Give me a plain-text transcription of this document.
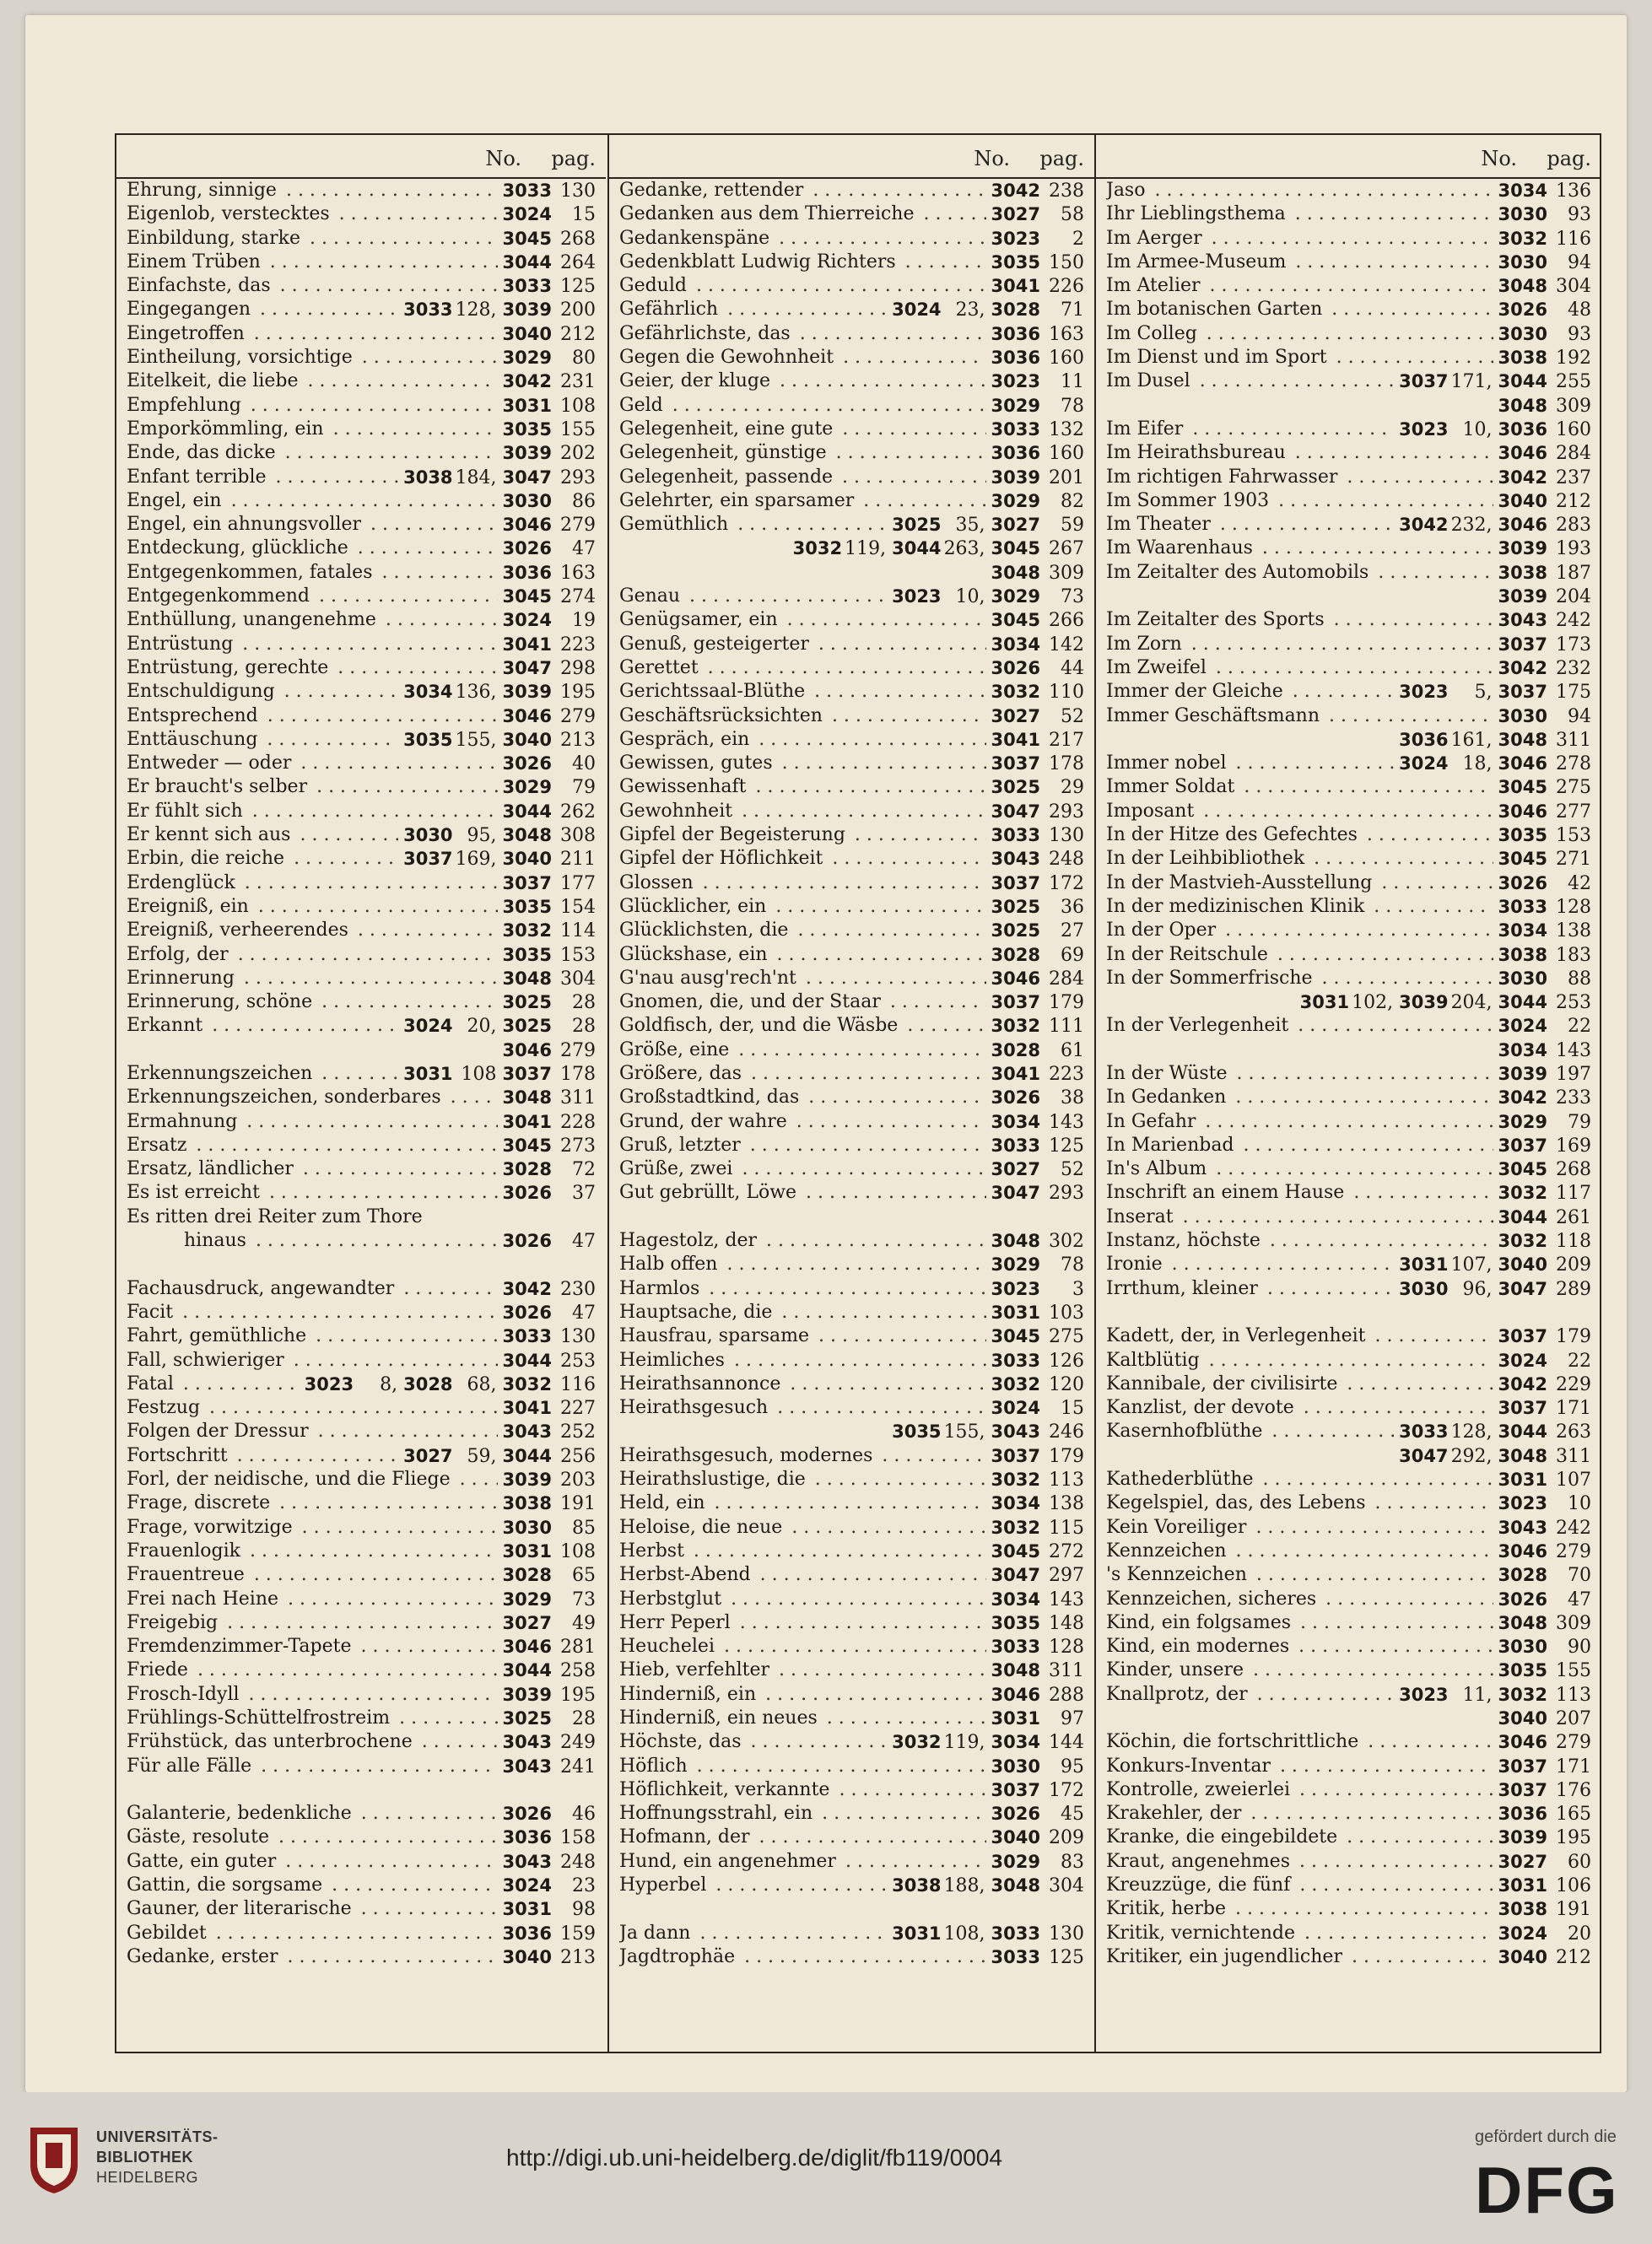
No. pag.
Ehrung, sinnige . . .	3033 130
Eigenlob, verstecktes . . .	3024 15
Einbildung, starke . . .	3045 268
Einem Trüben . . .	3044 264
Einfachste, das . . .	3033 125
Eingegangen . . .	3033 128, 3039 200
Eingetroffen . . .	3040 212
Eintheilung, vorsichtige . . .	3029 80
Eitelkeit, die liebe . . .	3042 231
Empfehlung . . .	3031 108
Emporkömmling, ein . . .	3035 155
Ende, das dicke . . .	3039 202
Enfant terrible . . .	3038 184, 3047 293
Engel, ein . . .	3030 86
Engel, ein ahnungsvoller . . .	3046 279
Entdeckung, glückliche . . .	3026 47
Entgegenkommen, fatales . . .	3036 163
Entgegenkommend . . .	3045 274
Enthüllung, unangenehme . . .	3024 19
Entrüstung . . .	3041 223
Entrüstung, gerechte . . .	3047 298
Entschuldigung . . .	3034 136, 3039 195
Entsprechend . . .	3046 279
Enttäuschung . . .	3035 155, 3040 213
Entweder — oder . . .	3026 40
Er braucht's selber . . .	3029 79
Er fühlt sich . . .	3044 262
Er kennt sich aus . . .	3030 95, 3048 308
Erbin, die reiche . . .	3037 169, 3040 211
Erdenglück . . .	3037 177
Ereigniß, ein . . .	3035 154
Ereigniß, verheerendes . . .	3032 114
Erfolg, der . . .	3035 153
Erinnerung . . .	3048 304
Erinnerung, schöne . . .	3025 28
Erkannt . . .	3024 20, 3025 28
3046 279
Erkennungszeichen . . .	3031 108 3037 178
Erkennungszeichen, sonderbares . . .	3048 311
Ermahnung . . .	3041 228
Ersatz . . .	3045 273
Ersatz, ländlicher . . .	3028 72
Es ist erreicht . . .	3026 37
Es ritten drei Reiter zum Thore
hinaus . . .	3026 47
Fachausdruck, angewandter . . .	3042 230
Facit . . .	3026 47
Fahrt, gemüthliche . . .	3033 130
Fall, schwieriger . . .	3044 253
Fatal . . .	3023 8, 3028 68, 3032 116
Festzug . . .	3041 227
Folgen der Dressur . . .	3043 252
Fortschritt . . .	3027 59, 3044 256
Forl, der neidische, und die Fliege . . .	3039 203
Frage, discrete . . .	3038 191
Frage, vorwitzige . . .	3030 85
Frauenlogik . . .	3031 108
Frauentreue . . .	3028 65
Frei nach Heine . . .	3029 73
Freigebig . . .	3027 49
Fremdenzimmer-Tapete . . .	3046 281
Friede . . .	3044 258
Frosch-Idyll . . .	3039 195
Frühlings-Schüttelfrostreim . . .	3025 28
Frühstück, das unterbrochene . . .	3043 249
Für alle Fälle . . .	3043 241
Galanterie, bedenkliche . . .	3026 46
Gäste, resolute . . .	3036 158
Gatte, ein guter . . .	3043 248
Gattin, die sorgsame . . .	3024 23
Gauner, der literarische . . .	3031 98
Gebildet . . .	3036 159
Gedanke, erster . . .	3040 213
No. pag.
Gedanke, rettender . . .	3042 238
Gedanken aus dem Thierreiche . . .	3027 58
Gedankenspäne . . .	3023 2
Gedenkblatt Ludwig Richters . . .	3035 150
Geduld . . .	3041 226
Gefährlich . . .	3024 23, 3028 71
Gefährlichste, das . . .	3036 163
Gegen die Gewohnheit . . .	3036 160
Geier, der kluge . . .	3023 11
Geld . . .	3029 78
Gelegenheit, eine gute . . .	3033 132
Gelegenheit, günstige . . .	3036 160
Gelegenheit, passende . . .	3039 201
Gelehrter, ein sparsamer . . .	3029 82
Gemüthlich . . .	3025 35, 3027 59
3032 119, 3044 263, 3045 267
3048 309
Genau . . .	3023 10, 3029 73
Genügsamer, ein . . .	3045 266
Genuß, gesteigerter . . .	3034 142
Gerettet . . .	3026 44
Gerichtssaal-Blüthe . . .	3032 110
Geschäftsrücksichten . . .	3027 52
Gespräch, ein . . .	3041 217
Gewissen, gutes . . .	3037 178
Gewissenhaft . . .	3025 29
Gewohnheit . . .	3047 293
Gipfel der Begeisterung . . .	3033 130
Gipfel der Höflichkeit . . .	3043 248
Glossen . . .	3037 172
Glücklicher, ein . . .	3025 36
Glücklichsten, die . . .	3025 27
Glückshase, ein . . .	3028 69
G'nau ausg'rech'nt . . .	3046 284
Gnomen, die, und der Staar . . .	3037 179
Goldfisch, der, und die Wäsbe . . .	3032 111
Größe, eine . . .	3028 61
Größere, das . . .	3041 223
Großstadtkind, das . . .	3026 38
Grund, der wahre . . .	3034 143
Gruß, letzter . . .	3033 125
Grüße, zwei . . .	3027 52
Gut gebrüllt, Löwe . . .	3047 293
Hagestolz, der . . .	3048 302
Halb offen . . .	3029 78
Harmlos . . .	3023 3
Hauptsache, die . . .	3031 103
Hausfrau, sparsame . . .	3045 275
Heimliches . . .	3033 126
Heirathsannonce . . .	3032 120
Heirathsgesuch . . .	3024 15
3035 155, 3043 246
Heirathsgesuch, modernes . . .	3037 179
Heirathslustige, die . . .	3032 113
Held, ein . . .	3034 138
Heloise, die neue . . .	3032 115
Herbst . . .	3045 272
Herbst-Abend . . .	3047 297
Herbstglut . . .	3034 143
Herr Peperl . . .	3035 148
Heuchelei . . .	3033 128
Hieb, verfehlter . . .	3048 311
Hinderniß, ein . . .	3046 288
Hinderniß, ein neues . . .	3031 97
Höchste, das . . .	3032 119, 3034 144
Höflich . . .	3030 95
Höflichkeit, verkannte . . .	3037 172
Hoffnungsstrahl, ein . . .	3026 45
Hofmann, der . . .	3040 209
Hund, ein angenehmer . . .	3029 83
Hyperbel . . .	3038 188, 3048 304
Ja dann . . .	3031 108, 3033 130
Jagdtrophäe . . .	3033 125
No. pag.
Jaso . . .	3034 136
Ihr Lieblingsthema . . .	3030 93
Im Aerger . . .	3032 116
Im Armee-Museum . . .	3030 94
Im Atelier . . .	3048 304
Im botanischen Garten . . .	3026 48
Im Colleg . . .	3030 93
Im Dienst und im Sport . . .	3038 192
Im Dusel . . .	3037 171, 3044 255
3048 309
Im Eifer . . .	3023 10, 3036 160
Im Heirathsbureau . . .	3046 284
Im richtigen Fahrwasser . . .	3042 237
Im Sommer 1903 . . .	3040 212
Im Theater . . .	3042 232, 3046 283
Im Waarenhaus . . .	3039 193
Im Zeitalter des Automobils . . .	3038 187
3039 204
Im Zeitalter des Sports . . .	3043 242
Im Zorn . . .	3037 173
Im Zweifel . . .	3042 232
Immer der Gleiche . . .	3023 5, 3037 175
Immer Geschäftsmann . . .	3030 94
3036 161, 3048 311
Immer nobel . . .	3024 18, 3046 278
Immer Soldat . . .	3045 275
Imposant . . .	3046 277
In der Hitze des Gefechtes . . .	3035 153
In der Leihbibliothek . . .	3045 271
In der Mastvieh-Ausstellung . . .	3026 42
In der medizinischen Klinik . . .	3033 128
In der Oper . . .	3034 138
In der Reitschule . . .	3038 183
In der Sommerfrische . . .	3030 88
3031 102, 3039 204, 3044 253
In der Verlegenheit . . .	3024 22
3034 143
In der Wüste . . .	3039 197
In Gedanken . . .	3042 233
In Gefahr . . .	3029 79
In Marienbad . . .	3037 169
In's Album . . .	3045 268
Inschrift an einem Hause . . .	3032 117
Inserat . . .	3044 261
Instanz, höchste . . .	3032 118
Ironie . . .	3031 107, 3040 209
Irrthum, kleiner . . .	3030 96, 3047 289
Kadett, der, in Verlegenheit . . .	3037 179
Kaltblütig . . .	3024 22
Kannibale, der civilisirte . . .	3042 229
Kanzlist, der devote . . .	3037 171
Kasernhofblüthe . . .	3033 128, 3044 263
3047 292, 3048 311
Kathederblüthe . . .	3031 107
Kegelspiel, das, des Lebens . . .	3023 10
Kein Voreiliger . . .	3043 242
Kennzeichen . . .	3046 279
's Kennzeichen . . .	3028 70
Kennzeichen, sicheres . . .	3026 47
Kind, ein folgsames . . .	3048 309
Kind, ein modernes . . .	3030 90
Kinder, unsere . . .	3035 155
Knallprotz, der . . .	3023 11, 3032 113
3040 207
Köchin, die fortschrittliche . . .	3046 279
Konkurs-Inventar . . .	3037 171
Kontrolle, zweierlei . . .	3037 176
Krakehler, der . . .	3036 165
Kranke, die eingebildete . . .	3039 195
Kraut, angenehmes . . .	3027 60
Kreuzzüge, die fünf . . .	3031 106
Kritik, herbe . . .	3038 191
Kritik, vernichtende . . .	3024 20
Kritiker, ein jugendlicher . . .	3040 212
UNIVERSITÄTS-
BIBLIOTHEK
HEIDELBERG
http://digi.ub.uni-heidelberg.de/diglit/fb119/0004
gefördert durch die
DFG
